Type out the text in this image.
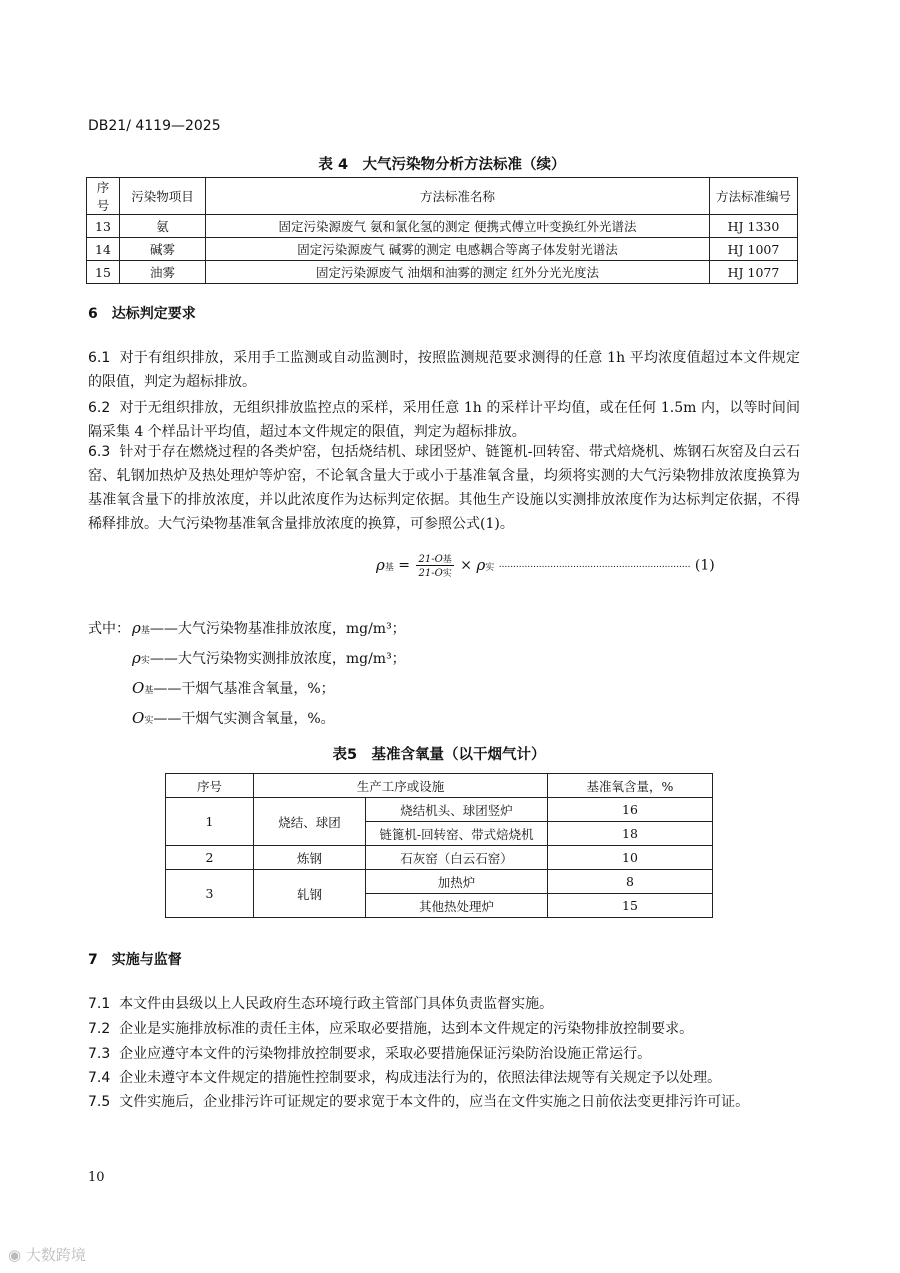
DB21/ 4119—2025
表 4　大气污染物分析方法标准（续）
序号	污染物项目	方法标准名称	方法标准编号
13	氨	固定污染源废气 氨和氯化氢的测定 便携式傅立叶变换红外光谱法	HJ 1330
14	碱雾	固定污染源废气 碱雾的测定 电感耦合等离子体发射光谱法	HJ 1007
15	油雾	固定污染源废气 油烟和油雾的测定 红外分光光度法	HJ 1077
6　达标判定要求
6.1 对于有组织排放，采用手工监测或自动监测时，按照监测规范要求测得的任意 1h 平均浓度值超过本文件规定的限值，判定为超标排放。
6.2 对于无组织排放，无组织排放监控点的采样，采用任意 1h 的采样计平均值，或在任何 1.5m 内，以等时间间隔采集 4 个样品计平均值，超过本文件规定的限值，判定为超标排放。
6.3 针对于存在燃烧过程的各类炉窑，包括烧结机、球团竖炉、链篦机-回转窑、带式焙烧机、炼钢石灰窑及白云石窑、轧钢加热炉及热处理炉等炉窑，不论氧含量大于或小于基准氧含量，均须将实测的大气污染物排放浓度换算为基准氧含量下的排放浓度，并以此浓度作为达标判定依据。其他生产设施以实测排放浓度作为达标判定依据，不得稀释排放。大气污染物基准氧含量排放浓度的换算，可参照公式(1)。
ρ基 = $\frac{\text{21-O基}}{\text{21-O实}} \times \rho$实 ··································································· (1)
式中： ρ基——大气污染物基准排放浓度，mg/m³；
ρ实——大气污染物实测排放浓度，mg/m³；
O基——干烟气基准含氧量，%；
O实——干烟气实测含氧量，%。
表5　基准含氧量（以干烟气计）
序号	生产工序或设施		基准氧含量，%
1	烧结、球团	烧结机头、球团竖炉	16
		链篦机-回转窑、带式焙烧机	18
2	炼钢	石灰窑（白云石窑）	10
3	轧钢	加热炉	8
		其他热处理炉	15
7　实施与监督
7.1 本文件由县级以上人民政府生态环境行政主管部门具体负责监督实施。
7.2 企业是实施排放标准的责任主体，应采取必要措施，达到本文件规定的污染物排放控制要求。
7.3 企业应遵守本文件的污染物排放控制要求，采取必要措施保证污染防治设施正常运行。
7.4 企业未遵守本文件规定的措施性控制要求，构成违法行为的，依照法律法规等有关规定予以处理。
7.5 文件实施后，企业排污许可证规定的要求宽于本文件的，应当在文件实施之日前依法变更排污许可证。
10
◉ 大数跨境
